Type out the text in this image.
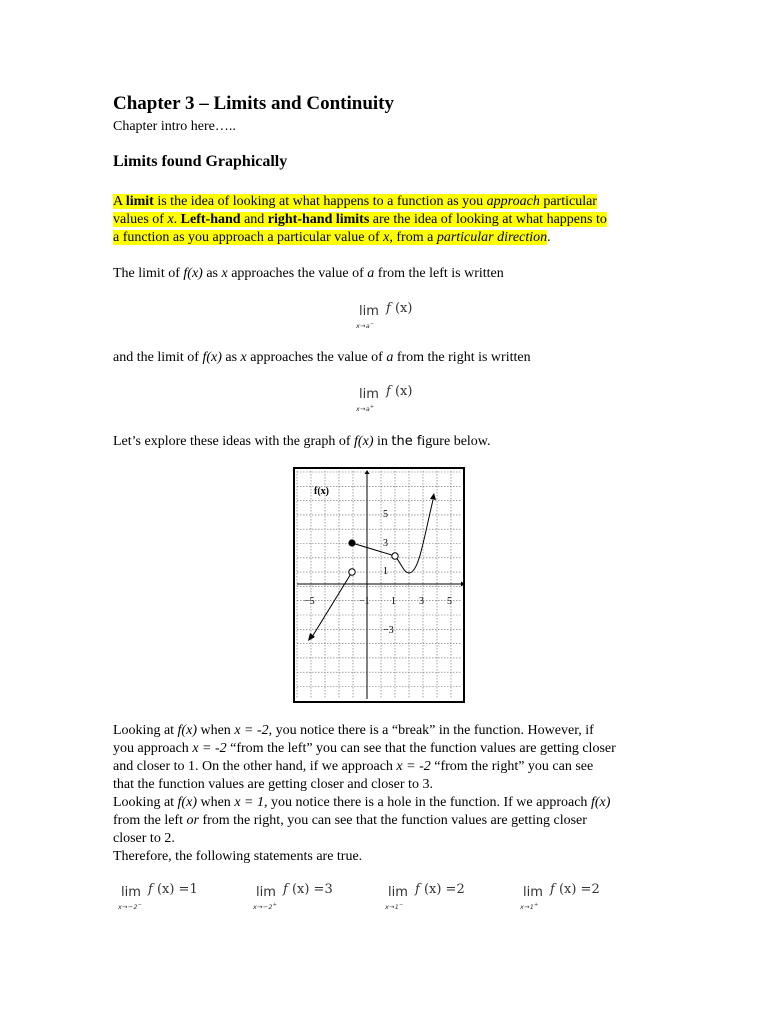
Chapter 3 – Limits and Continuity
Chapter intro here…..
Limits found Graphically
A limit is the idea of looking at what happens to a function as you approach particular
values of x. Left-hand and right-hand limits are the idea of looking at what happens to
a function as you approach a particular value of x, from a particular direction.
The limit of f(x) as x approaches the value of a from the left is written
lim
x→a−
f (x)
and the limit of f(x) as x approaches the value of a from the right is written
lim
x→a+
f (x)
Let’s explore these ideas with the graph of f(x) in the figure below.
f(x)
−5	−1 1 3 5
5
3
1
−3
Looking at f(x) when x = -2, you notice there is a “break” in the function. However, if
you approach x = -2 “from the left” you can see that the function values are getting closer
and closer to 1. On the other hand, if we approach x = -2 “from the right” you can see
that the function values are getting closer and closer to 3.
Looking at f(x) when x = 1, you notice there is a hole in the function. If we approach f(x)
from the left or from the right, you can see that the function values are getting closer
closer to 2.
Therefore, the following statements are true.
lim
x→−2−
f (x) =1	lim
x→−2+
f (x) =3	lim
x→1−
f (x) =2	lim
x→1+
f (x) =2
